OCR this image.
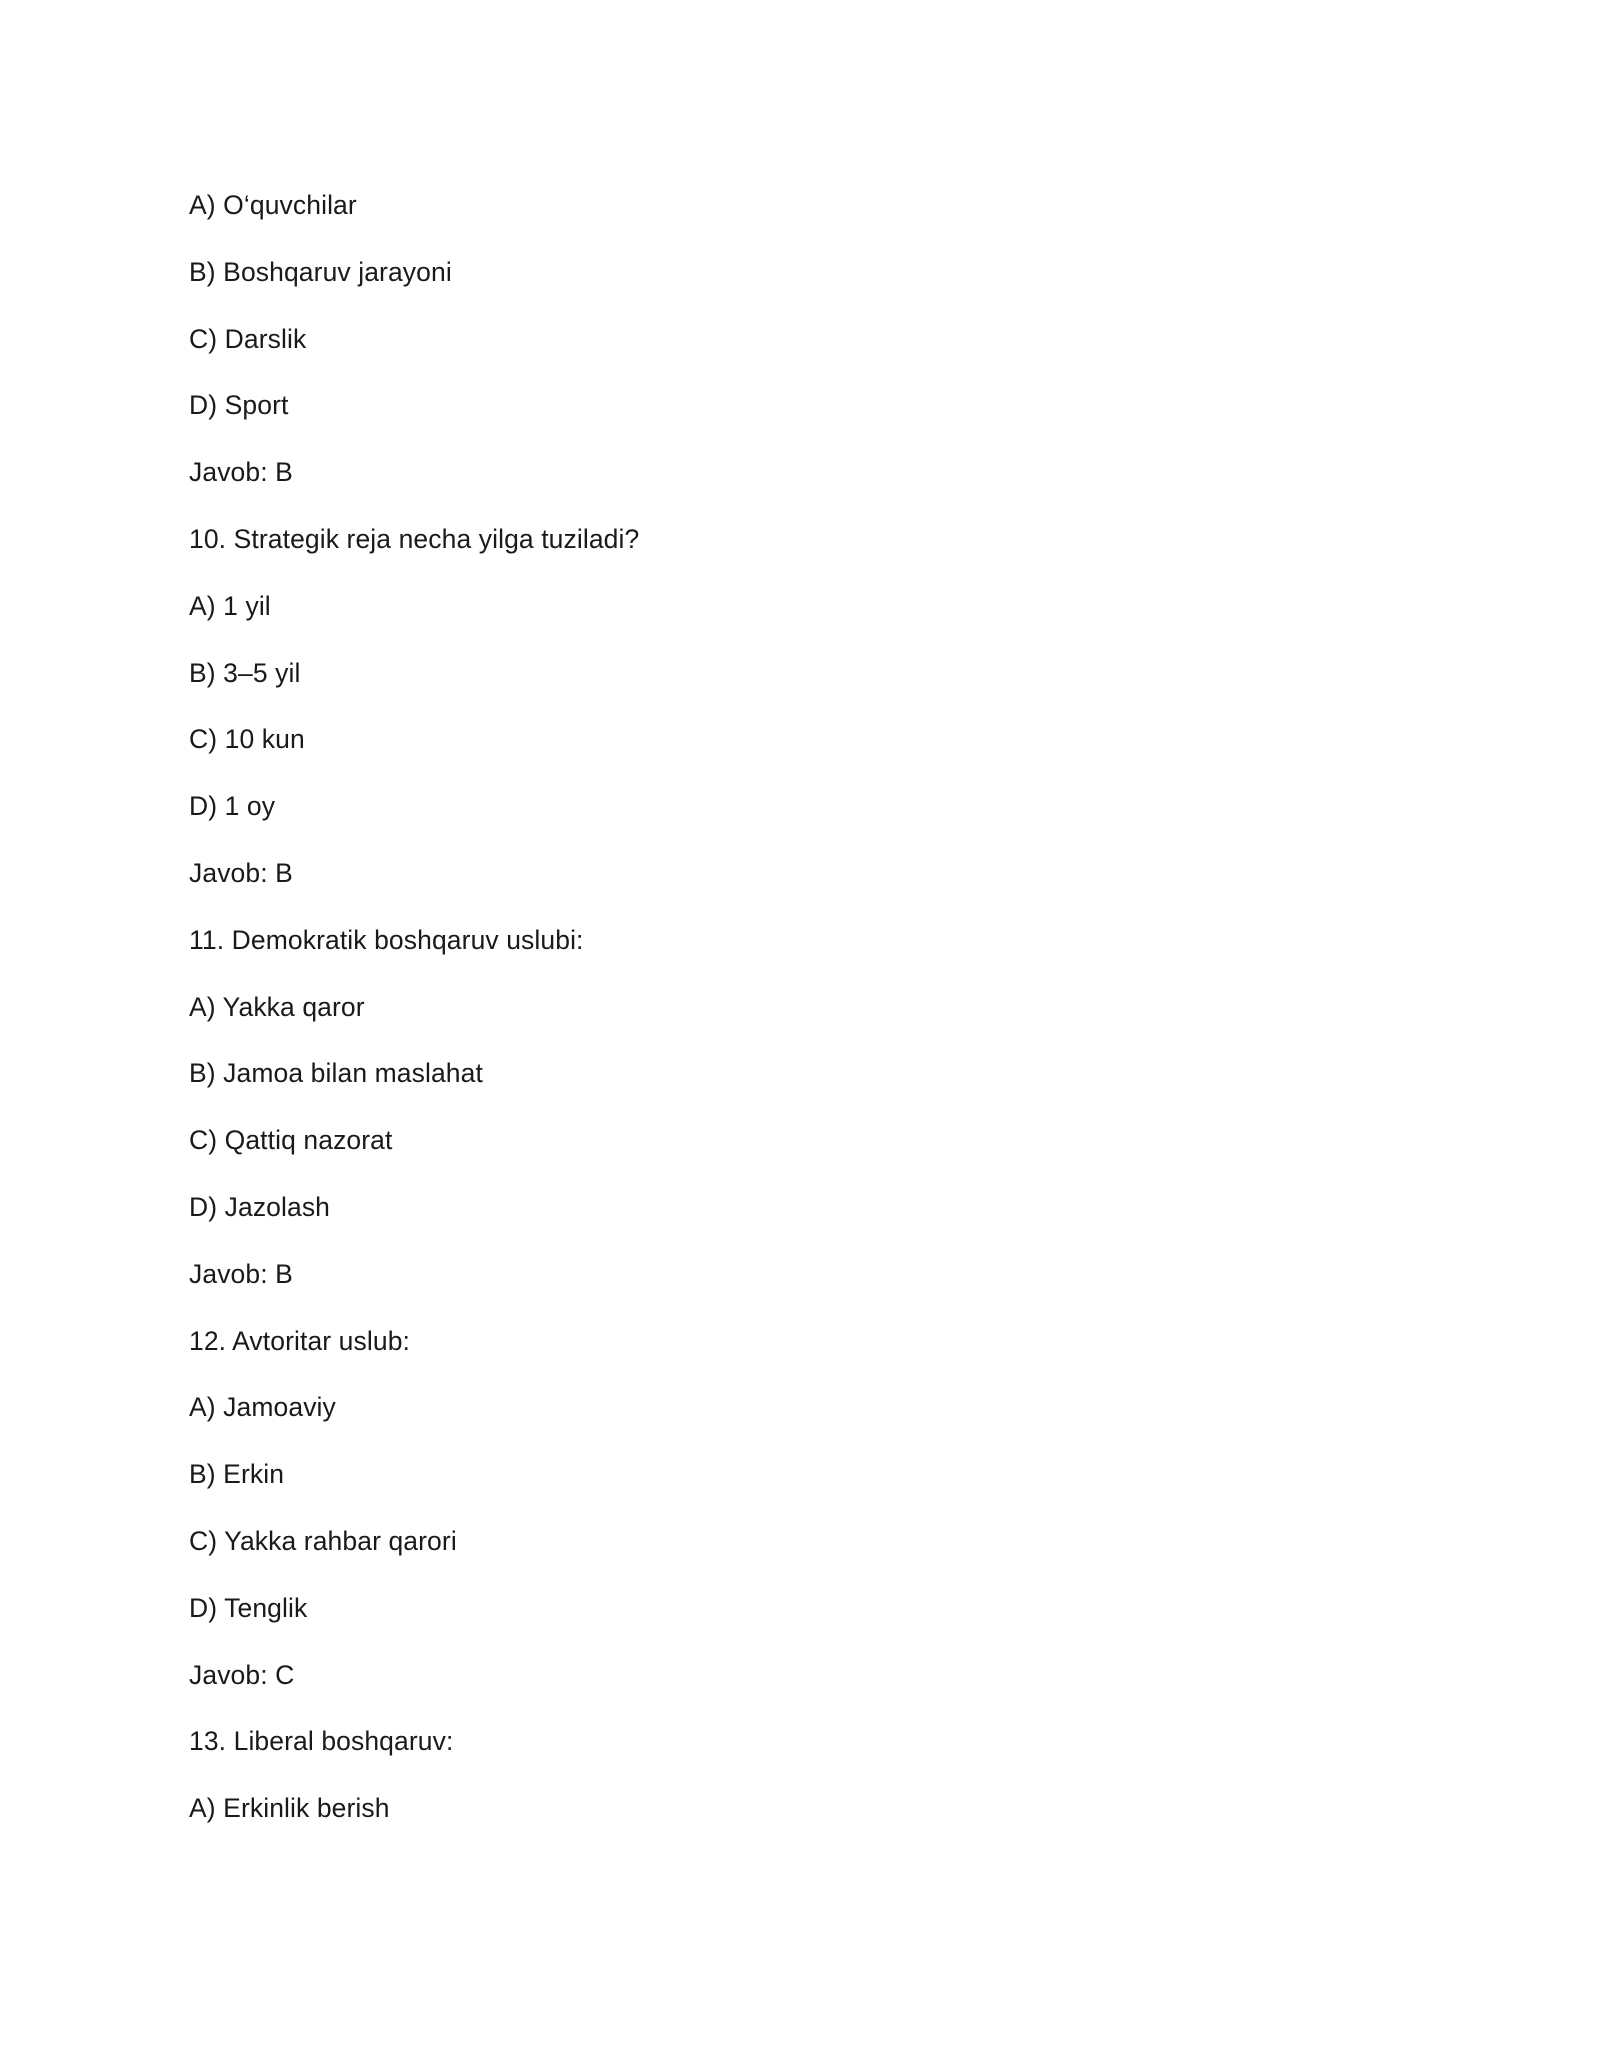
A) O‘quvchilar
B) Boshqaruv jarayoni
C) Darslik
D) Sport
Javob: B
10. Strategik reja necha yilga tuziladi?
A) 1 yil
B) 3–5 yil
C) 10 kun
D) 1 oy
Javob: B
11. Demokratik boshqaruv uslubi:
A) Yakka qaror
B) Jamoa bilan maslahat
C) Qattiq nazorat
D) Jazolash
Javob: B
12. Avtoritar uslub:
A) Jamoaviy
B) Erkin
C) Yakka rahbar qarori
D) Tenglik
Javob: C
13. Liberal boshqaruv:
A) Erkinlik berish
